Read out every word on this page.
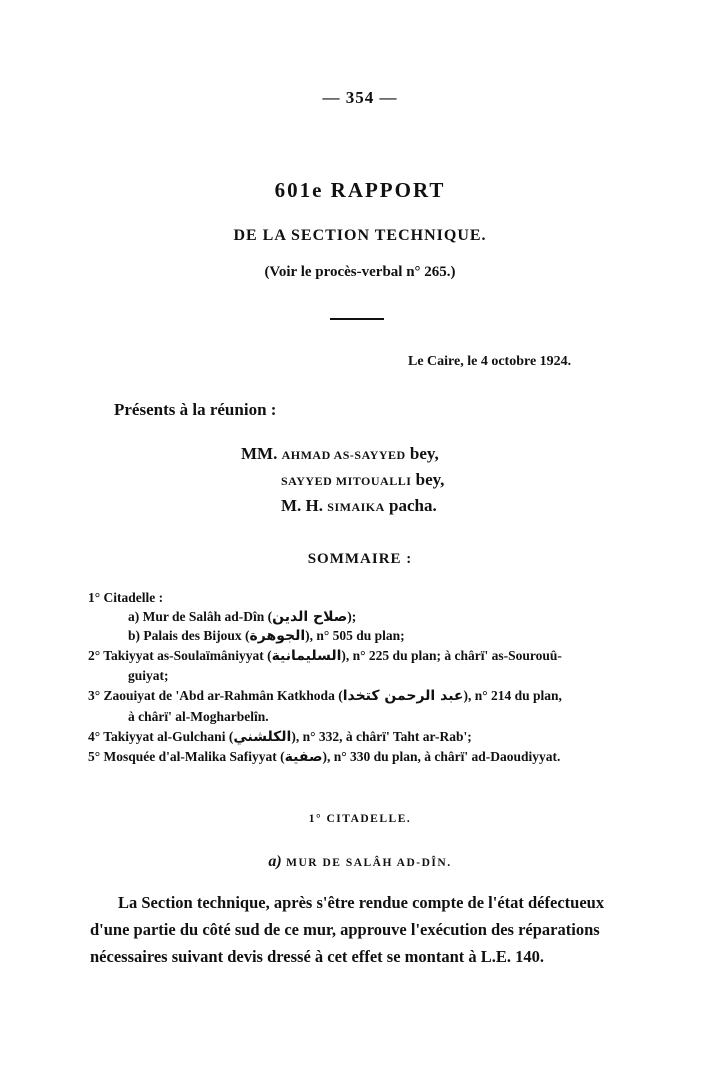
— 354 —
601e RAPPORT
DE LA SECTION TECHNIQUE.
(Voir le procès-verbal n° 265.)
Le Caire, le 4 octobre 1924.
Présents à la réunion :
MM. AHMAD AS-SAYYED bey,
SAYYED MITOUALLI bey,
M. H. SIMAIKA pacha.
SOMMAIRE :
1° Citadelle :
a) Mur de Salâh ad-Dîn (صلاح الدين);
b) Palais des Bijoux (الجوهرة), n° 505 du plan;
2° Takiyyat as-Soulaïmâniyyat (السليمانية), n° 225 du plan; à chârï' as-Sourouû-
guiyat;
3° Zaouiyat de 'Abd ar-Rahmân Katkhoda (عبد الرحمن كتخدا), n° 214 du plan,
à chârï' al-Mogharbelîn.
4° Takiyyat al-Gulchani (الكلشني), n° 332, à chârï' Taht ar-Rab';
5° Mosquée d'al-Malika Safiyyat (صفية), n° 330 du plan, à chârï' ad-Daoudiyyat.
1° CITADELLE.
a) MUR DE SALÂH AD-DÎN.
La Section technique, après s'être rendue compte de l'état défectueux
d'une partie du côté sud de ce mur, approuve l'exécution des réparations
nécessaires suivant devis dressé à cet effet se montant à L.E. 140.
